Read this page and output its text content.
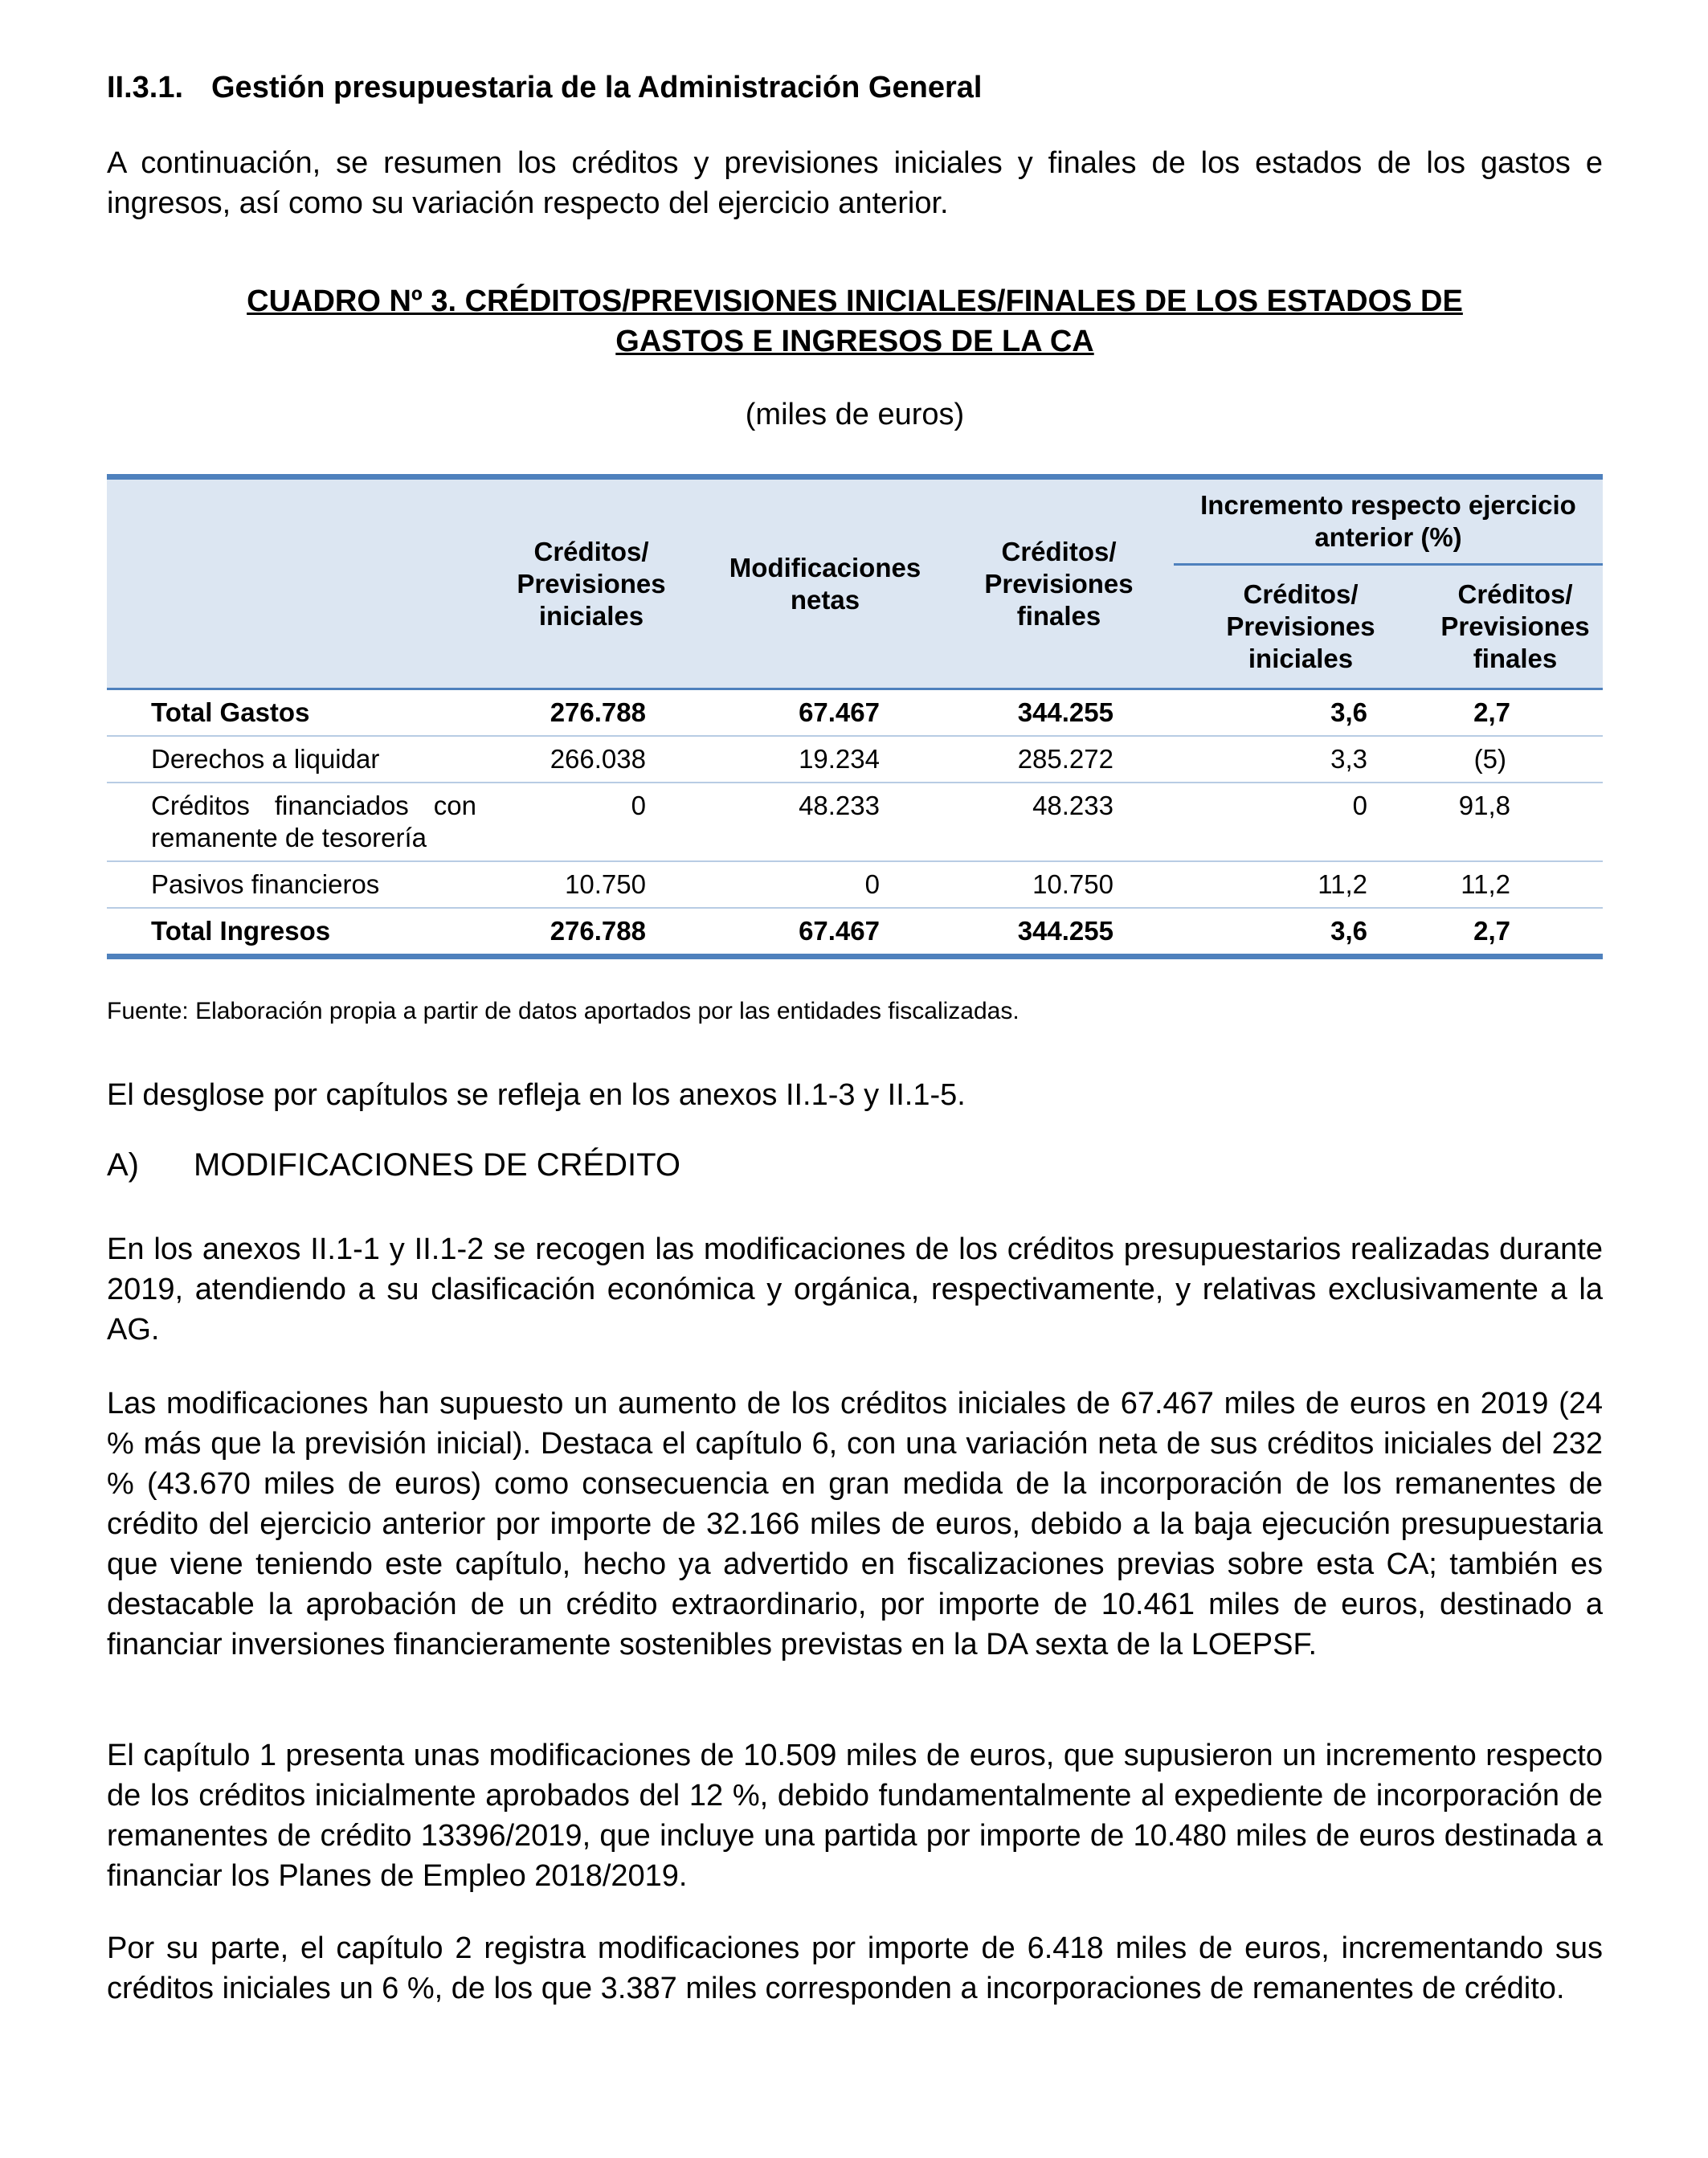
II.3.1. Gestión presupuestaria de la Administración General

A continuación, se resumen los créditos y previsiones iniciales y finales de los estados de los gastos e ingresos, así como su variación respecto del ejercicio anterior.

CUADRO Nº 3. CRÉDITOS/PREVISIONES INICIALES/FINALES DE LOS ESTADOS DE
GASTOS E INGRESOS DE LA CA
(miles de euros)
	Créditos/ Previsiones iniciales	Modificaciones netas	Créditos/ Previsiones finales	Incremento respecto ejercicio anterior (%)	
				Créditos/ Previsiones iniciales	Créditos/ Previsiones finales
Total Gastos	276.788	67.467	344.255	3,6	2,7
Derechos a liquidar	266.038	19.234	285.272	3,3	(5)
Créditos financiados con remanente de tesorería	0	48.233	48.233	0	91,8
Pasivos financieros	10.750	0	10.750	11,2	11,2
Total Ingresos	276.788	67.467	344.255	3,6	2,7
Fuente: Elaboración propia a partir de datos aportados por las entidades fiscalizadas.

El desglose por capítulos se refleja en los anexos II.1-3 y II.1-5.

A) MODIFICACIONES DE CRÉDITO

En los anexos II.1-1 y II.1-2 se recogen las modificaciones de los créditos presupuestarios realizadas durante 2019, atendiendo a su clasificación económica y orgánica, respectivamente, y relativas exclusivamente a la AG.

Las modificaciones han supuesto un aumento de los créditos iniciales de 67.467 miles de euros en 2019 (24 % más que la previsión inicial). Destaca el capítulo 6, con una variación neta de sus créditos iniciales del 232 % (43.670 miles de euros) como consecuencia en gran medida de la incorporación de los remanentes de crédito del ejercicio anterior por importe de 32.166 miles de euros, debido a la baja ejecución presupuestaria que viene teniendo este capítulo, hecho ya advertido en fiscalizaciones previas sobre esta CA; también es destacable la aprobación de un crédito extraordinario, por importe de 10.461 miles de euros, destinado a financiar inversiones financieramente sostenibles previstas en la DA sexta de la LOEPSF.

El capítulo 1 presenta unas modificaciones de 10.509 miles de euros, que supusieron un incremento respecto de los créditos inicialmente aprobados del 12 %, debido fundamentalmente al expediente de incorporación de remanentes de crédito 13396/2019, que incluye una partida por importe de 10.480 miles de euros destinada a financiar los Planes de Empleo 2018/2019.

Por su parte, el capítulo 2 registra modificaciones por importe de 6.418 miles de euros, incrementando sus créditos iniciales un 6 %, de los que 3.387 miles corresponden a incorporaciones de remanentes de crédito.
